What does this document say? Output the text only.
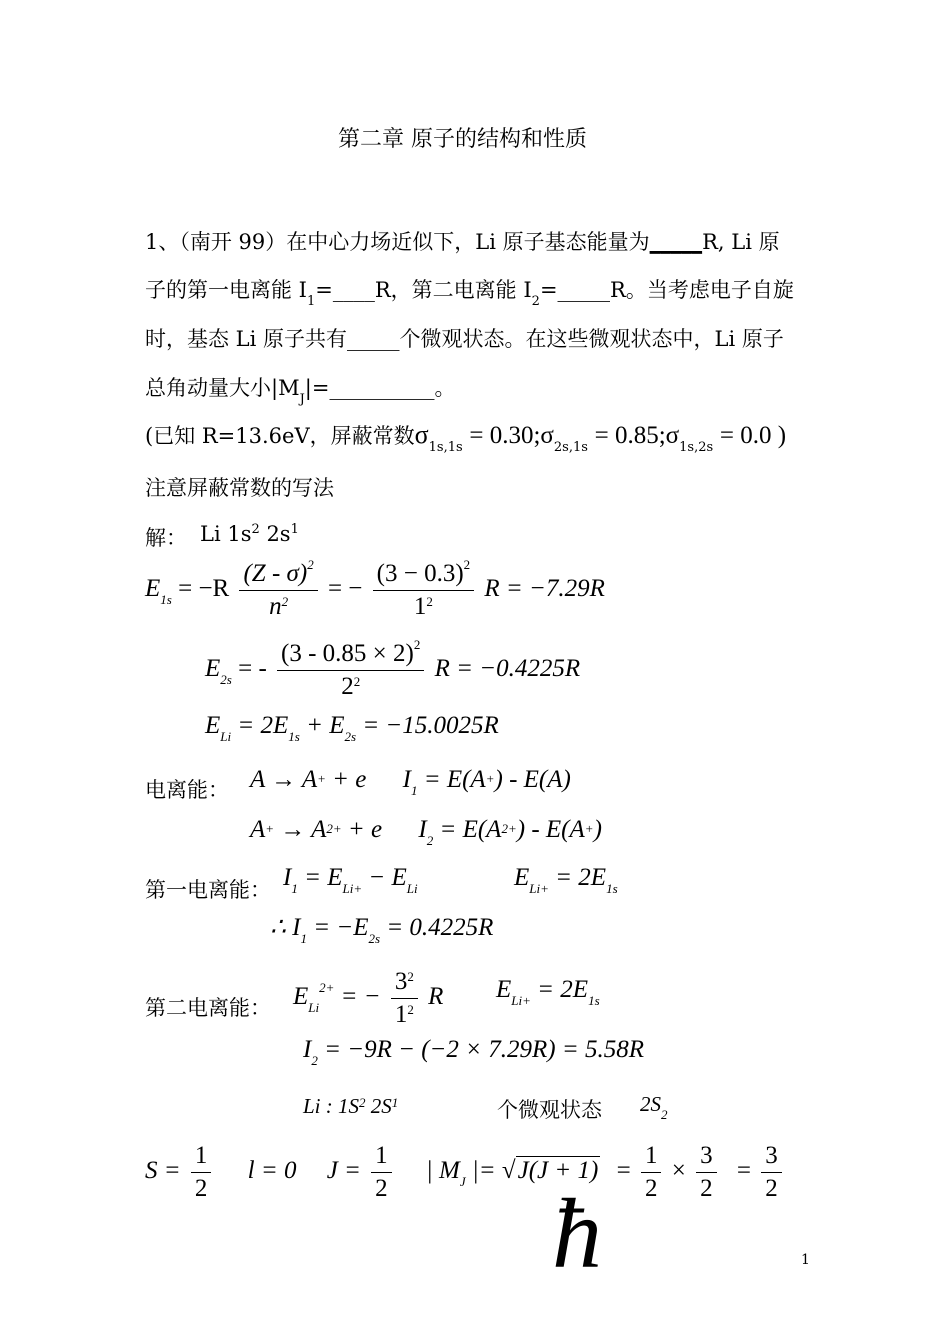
第二章 原子的结构和性质
1、（南开 99）在中心力场近似下，Li 原子基态能量为_____R, Li 原
子的第一电离能 $I_1=\_\_\_\_R$，第二电离能 $I_2=\_\_\_\_\_R$。当考虑电子自旋
时，基态 Li 原子共有_____个微观状态。在这些微观状态中，Li 原子
总角动量大小$|M_J|=\_\_\_\_\_\_\_\_\_\_$。
(已知 R=13.6eV，屏蔽常数$\sigma_{1s,1s}$ = $0.30;\sigma_{2s,1s}$ = $0.85;\sigma_{1s,2s} = 0.0$ )
注意屏蔽常数的写法
解： Li $1s^2$ $2s^1$
$E_{1s} = -R \frac{(Z - \sigma)^2}{n^2}$ = − $\frac{(3 - 0.3)^2}{1^2}$ R = −7.29R
$E_{2s}$ = - $\frac{(3 - 0.85 \times 2)^2}{2^2}$ R = −0.4225R
$E_{Li} = 2E_{1s} + E_{2s} = -15.0025R$
电离能： A → A+ + e $I_1 = E(A+) - E(A)$
A+ → A2+ + e $I_2 = E(A2+) - E(A+)$
第一电离能： $I_1 = E_{Li+} - E_{Li}$	$E_{Li+} = 2E_{1s}$
∴ $I_1 = -E_{2s} = 0.4225R$
第二电离能： $E_{Li}^{2+}$ = − $\frac{3^2}{1^2}$ R $E_{Li+} = 2E_{1s}$
$I_2 = -9R - (-2 \times 7.29R) = 5.58R$
Li : $1S^2$ $2S^1$	个微观状态 $2S_2$
$S = \frac{1}{2}$ l = 0 $J = \frac{1}{2}$ | $M_J$ |= $√J(J + 1) = \frac{1}{2} \times \frac{3}{2} = \frac{3}{2}$
ħ	1
